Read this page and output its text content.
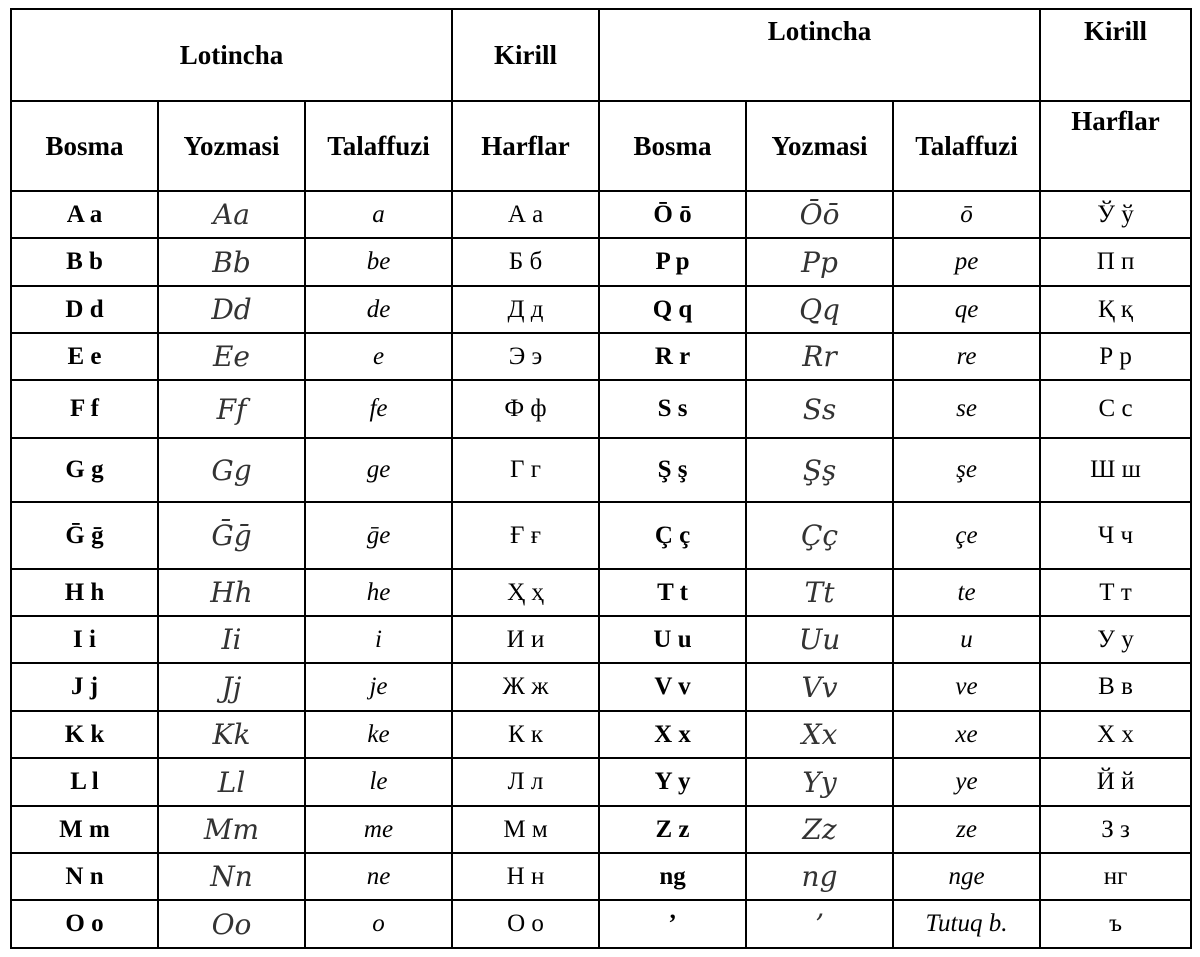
Lotincha			Kirill	Lotincha			Kirill
Bosma	Yozmasi	Talaffuzi	Harflar	Bosma	Yozmasi	Talaffuzi	Harflar
A a	Aa	a	А а	Ō ō	Ōō	ō	Ў ў
B b	Bb	be	Б б	P p	Pp	pe	П п
D d	Dd	de	Д д	Q q	Qq	qe	Қ қ
E e	Ee	e	Э э	R r	Rr	re	Р р
F f	Ff	fe	Ф ф	S s	Ss	se	С с
G g	Gg	ge	Г г	Ş ş	Şş	şe	Ш ш
Ḡ ḡ	Ḡḡ	ḡe	Ғ ғ	Ç ç	Çç	çe	Ч ч
H h	Hh	he	Ҳ ҳ	T t	Tt	te	Т т
I i	Ii	i	И и	U u	Uu	u	У у
J j	Jj	je	Ж ж	V v	Vv	ve	В в
K k	Kk	ke	К к	X x	Xx	xe	Х х
L l	Ll	le	Л л	Y y	Yy	ye	Й й
M m	Mm	me	М м	Z z	Zz	ze	З з
N n	Nn	ne	Н н	ng	ng	nge	нг
O o	Oo	o	О о	’	’	Tutuq b.	ъ
